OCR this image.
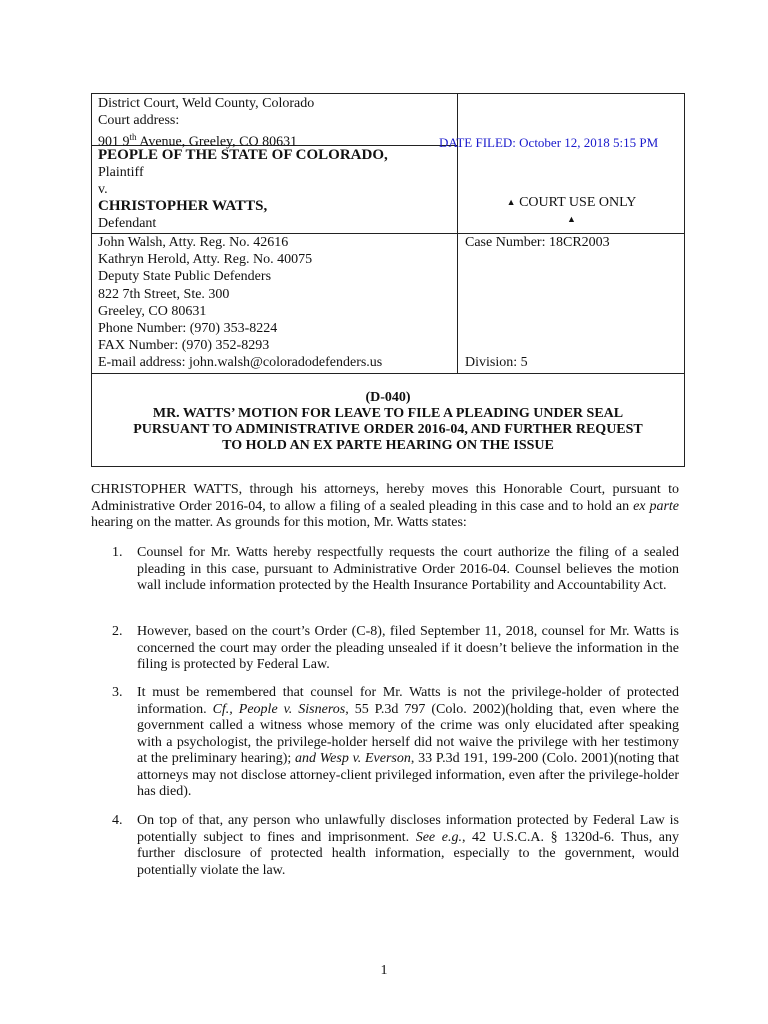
District Court, Weld County, Colorado
Court address:
901 9th Avenue, Greeley, CO 80631	DATE FILED: October 12, 2018 5:15 PM
PEOPLE OF THE STATE OF COLORADO,
Plaintiff
v.
CHRISTOPHER WATTS,
Defendant
▲ COURT USE ONLY
▲
John Walsh, Atty. Reg. No. 42616
Kathryn Herold, Atty. Reg. No. 40075
Deputy State Public Defenders
822 7th Street, Ste. 300
Greeley, CO 80631
Phone Number: (970) 353-8224
FAX Number: (970) 352-8293
E-mail address: john.walsh@coloradodefenders.us
Case Number: 18CR2003
Division: 5
(D-040)
MR. WATTS’ MOTION FOR LEAVE TO FILE A PLEADING UNDER SEAL
PURSUANT TO ADMINISTRATIVE ORDER 2016-04, AND FURTHER REQUEST
TO HOLD AN EX PARTE HEARING ON THE ISSUE
CHRISTOPHER WATTS, through his attorneys, hereby moves this Honorable Court, pursuant to Administrative Order 2016-04, to allow a filing of a sealed pleading in this case and to hold an ex parte hearing on the matter. As grounds for this motion, Mr. Watts states:
1. Counsel for Mr. Watts hereby respectfully requests the court authorize the filing of a sealed pleading in this case, pursuant to Administrative Order 2016-04. Counsel believes the motion wall include information protected by the Health Insurance Portability and Accountability Act.
2. However, based on the court’s Order (C-8), filed September 11, 2018, counsel for Mr. Watts is concerned the court may order the pleading unsealed if it doesn’t believe the information in the filing is protected by Federal Law.
3. It must be remembered that counsel for Mr. Watts is not the privilege-holder of protected information. Cf., People v. Sisneros, 55 P.3d 797 (Colo. 2002)(holding that, even where the government called a witness whose memory of the crime was only elucidated after speaking with a psychologist, the privilege-holder herself did not waive the privilege with her testimony at the preliminary hearing); and Wesp v. Everson, 33 P.3d 191, 199-200 (Colo. 2001)(noting that attorneys may not disclose attorney-client privileged information, even after the privilege-holder has died).
4. On top of that, any person who unlawfully discloses information protected by Federal Law is potentially subject to fines and imprisonment. See e.g., 42 U.S.C.A. § 1320d-6. Thus, any further disclosure of protected health information, especially to the government, would potentially violate the law.
1
